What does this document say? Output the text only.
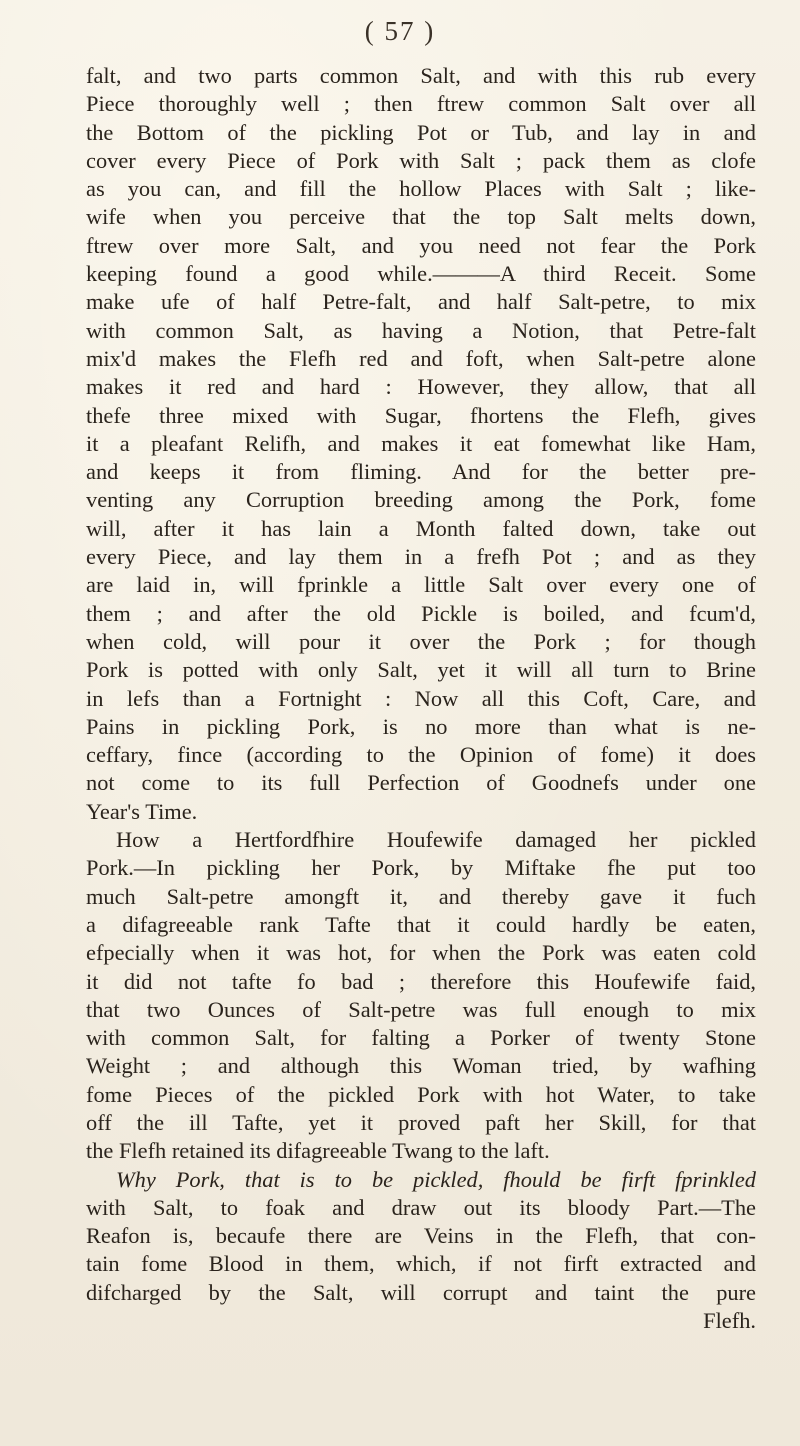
( 57 )
falt, and two parts common Salt, and with this rub every
Piece thoroughly well ; then ftrew common Salt over all
the Bottom of the pickling Pot or Tub, and lay in and
cover every Piece of Pork with Salt ; pack them as clofe
as you can, and fill the hollow Places with Salt ; like-
wife when you perceive that the top Salt melts down,
ftrew over more Salt, and you need not fear the Pork
keeping found a good while.———A third Receit. Some
make ufe of half Petre-falt, and half Salt-petre, to mix
with common Salt, as having a Notion, that Petre-falt
mix'd makes the Flefh red and foft, when Salt-petre alone
makes it red and hard : However, they allow, that all
thefe three mixed with Sugar, fhortens the Flefh, gives
it a pleafant Relifh, and makes it eat fomewhat like Ham,
and keeps it from fliming. And for the better pre-
venting any Corruption breeding among the Pork, fome
will, after it has lain a Month falted down, take out
every Piece, and lay them in a frefh Pot ; and as they
are laid in, will fprinkle a little Salt over every one of
them ; and after the old Pickle is boiled, and fcum'd,
when cold, will pour it over the Pork ; for though
Pork is potted with only Salt, yet it will all turn to Brine
in lefs than a Fortnight : Now all this Coft, Care, and
Pains in pickling Pork, is no more than what is ne-
ceffary, fince (according to the Opinion of fome) it does
not come to its full Perfection of Goodnefs under one
Year's Time.
How a Hertfordfhire Houfewife damaged her pickled
Pork.—In pickling her Pork, by Miftake fhe put too
much Salt-petre amongft it, and thereby gave it fuch
a difagreeable rank Tafte that it could hardly be eaten,
efpecially when it was hot, for when the Pork was eaten cold
it did not tafte fo bad ; therefore this Houfewife faid,
that two Ounces of Salt-petre was full enough to mix
with common Salt, for falting a Porker of twenty Stone
Weight ; and although this Woman tried, by wafhing
fome Pieces of the pickled Pork with hot Water, to take
off the ill Tafte, yet it proved paft her Skill, for that
the Flefh retained its difagreeable Twang to the laft.
Why Pork, that is to be pickled, fhould be firft fprinkled
with Salt, to foak and draw out its bloody Part.—The
Reafon is, becaufe there are Veins in the Flefh, that con-
tain fome Blood in them, which, if not firft extracted and
difcharged by the Salt, will corrupt and taint the pure
Flefh.
